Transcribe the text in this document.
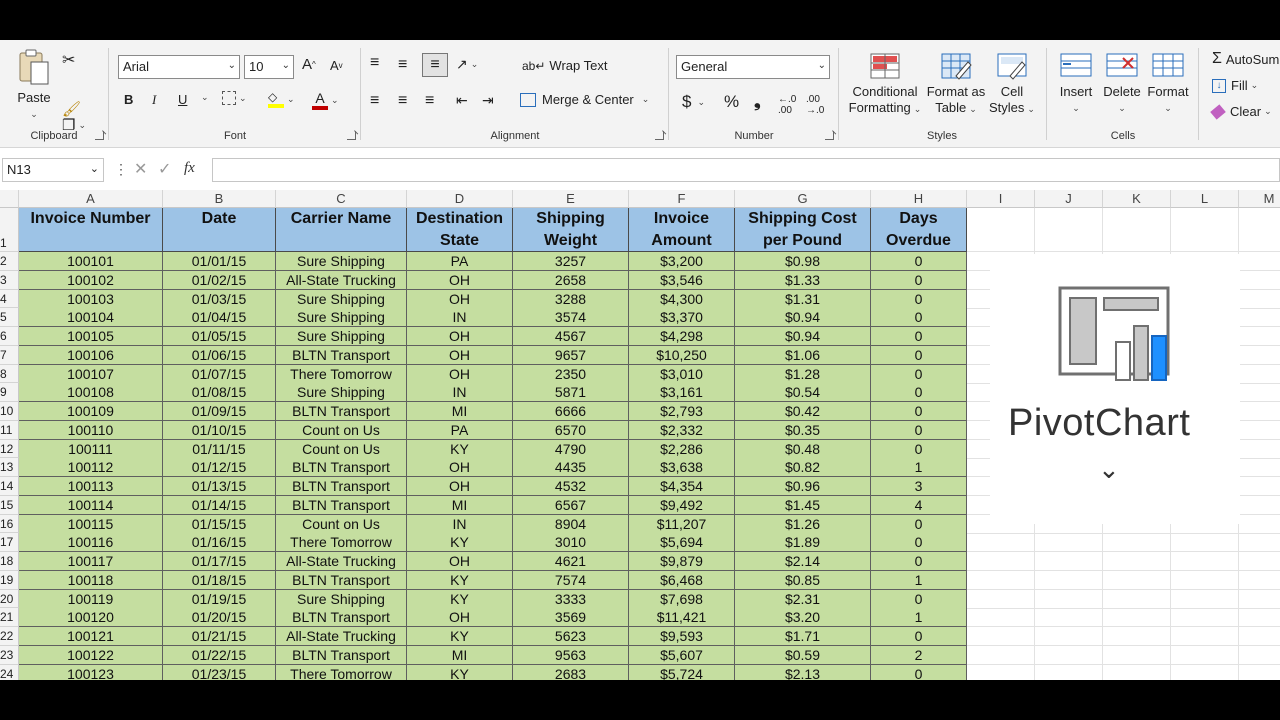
Paste
⌄
✂
❐ ⌄
🖌
Clipboard
Arial	⌄	10 ⌄ A ^ A v
B I U ⌄	⌄ ◇	⌄ A ⌄
Font
≡ ≡ ≡ ↗ ⌄
≡ ≡ ≡ ⇤ ⇥
ab↵ Wrap Text
Merge & Center ⌄
Alignment
General	⌄
$ ⌄ % ❟ ←.0
.00
.00
→.0
Number
Conditional
Formatting ⌄
Format as
Table ⌄
Cell
Styles ⌄
Styles
Insert
⌄
Delete
⌄
Format
⌄
Cells
Σ AutoSum
↓ Fill ⌄
Clear ⌄
N13	⌄ ⋮ ✕ ✓ fx
A	B	C	D	E	F	G	H	I	J	K	L	M
1
2
3
4
5
6
7
8
9
10
11
12
13
14
15
16
17
18
19
20
21
22
23
24
Invoice Number	Date	Carrier Name	Destination
State
Shipping
Weight
Invoice
Amount
Shipping Cost
per Pound
Days
Overdue
100101	01/01/15	Sure Shipping	PA	3257	$3,200	$0.98	0
100102	01/02/15	All-State Trucking	OH	2658	$3,546	$1.33	0
100103	01/03/15	Sure Shipping	OH	3288	$4,300	$1.31	0
100104	01/04/15	Sure Shipping	IN	3574	$3,370	$0.94	0
100105	01/05/15	Sure Shipping	OH	4567	$4,298	$0.94	0
100106	01/06/15	BLTN Transport	OH	9657	$10,250	$1.06	0
100107	01/07/15	There Tomorrow	OH	2350	$3,010	$1.28	0
100108	01/08/15	Sure Shipping	IN	5871	$3,161	$0.54	0
100109	01/09/15	BLTN Transport	MI	6666	$2,793	$0.42	0
100110	01/10/15	Count on Us	PA	6570	$2,332	$0.35	0
100111	01/11/15	Count on Us	KY	4790	$2,286	$0.48	0
100112	01/12/15	BLTN Transport	OH	4435	$3,638	$0.82	1
100113	01/13/15	BLTN Transport	OH	4532	$4,354	$0.96	3
100114	01/14/15	BLTN Transport	MI	6567	$9,492	$1.45	4
100115	01/15/15	Count on Us	IN	8904	$11,207	$1.26	0
100116	01/16/15	There Tomorrow	KY	3010	$5,694	$1.89	0
100117	01/17/15	All-State Trucking	OH	4621	$9,879	$2.14	0
100118	01/18/15	BLTN Transport	KY	7574	$6,468	$0.85	1
100119	01/19/15	Sure Shipping	KY	3333	$7,698	$2.31	0
100120	01/20/15	BLTN Transport	OH	3569	$11,421	$3.20	1
100121	01/21/15	All-State Trucking	KY	5623	$9,593	$1.71	0
100122	01/22/15	BLTN Transport	MI	9563	$5,607	$0.59	2
100123	01/23/15	There Tomorrow	KY	2683	$5,724	$2.13	0
PivotChart
⌄
